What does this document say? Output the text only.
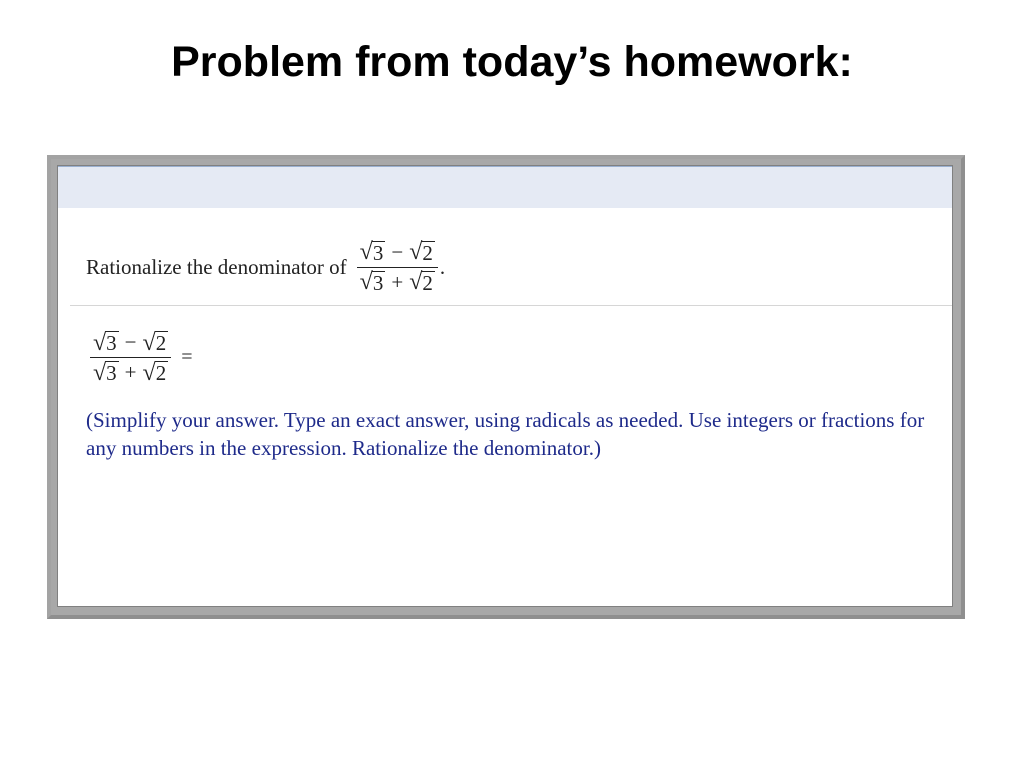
Problem from today’s homework:
Rationalize the denominator of $\frac{√ 3 - √ 2}{√ 3 + √ 2}$ .
$\frac{√ 3 - √ 2}{√ 3 + √ 2}$ =
(Simplify your answer. Type an exact answer, using radicals as needed. Use integers or fractions for any numbers in the expression. Rationalize the denominator.)
